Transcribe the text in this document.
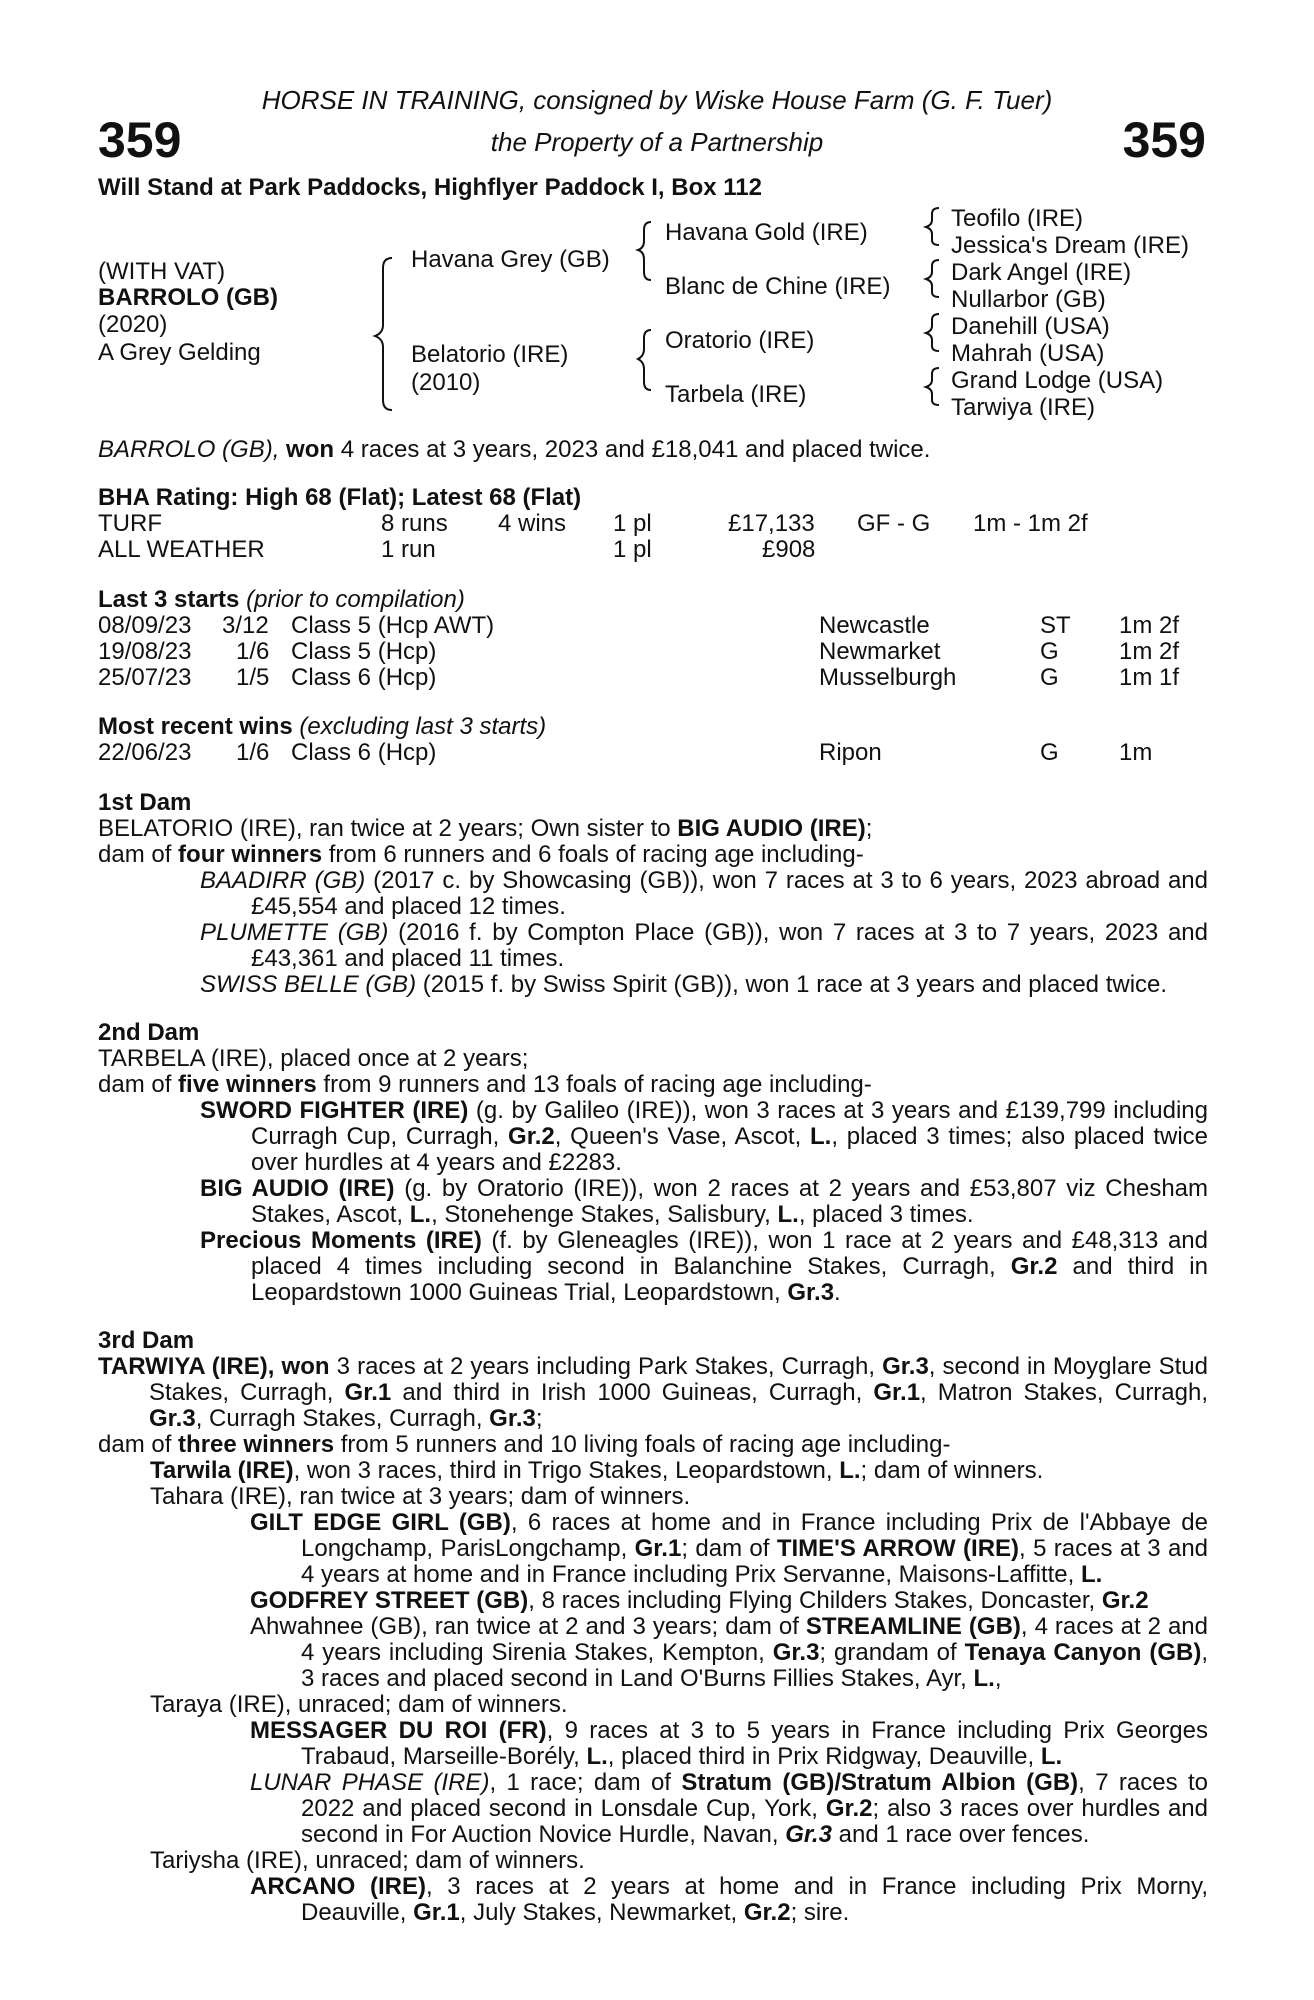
359	359
HORSE IN TRAINING, consigned by Wiske House Farm (G. F. Tuer)
the Property of a Partnership
Will Stand at Park Paddocks, Highflyer Paddock I, Box 112
(WITH VAT)
BARROLO (GB)
(2020)
A Grey Gelding
Havana Grey (GB)
Belatorio (IRE)
(2010)
Havana Gold (IRE)
Blanc de Chine (IRE)
Oratorio (IRE)
Tarbela (IRE)
Teofilo (IRE)
Jessica's Dream (IRE)
Dark Angel (IRE)
Nullarbor (GB)
Danehill (USA)
Mahrah (USA)
Grand Lodge (USA)
Tarwiya (IRE)
BARROLO (GB), won 4 races at 3 years, 2023 and £18,041 and placed twice.
BHA Rating: High 68 (Flat); Latest 68 (Flat)
TURF	8 runs 4 wins 1 pl	£17,133 GF - G 1m - 1m 2f
ALL WEATHER	1 run	1 pl	£908
Last 3 starts (prior to compilation)
08/09/23 3/12 Class 5 (Hcp AWT)	Newcastle	ST 1m 2f
19/08/23 1/6 Class 5 (Hcp)	Newmarket	G	1m 2f
25/07/23 1/5 Class 6 (Hcp)	Musselburgh	G	1m 1f
Most recent wins (excluding last 3 starts)
22/06/23 1/6 Class 6 (Hcp)	Ripon	G	1m
1st Dam
BELATORIO (IRE), ran twice at 2 years; Own sister to BIG AUDIO (IRE);
dam of four winners from 6 runners and 6 foals of racing age including-
BAADIRR (GB) (2017 c. by Showcasing (GB)), won 7 races at 3 to 6 years, 2023 abroad and £45,554 and placed 12 times.
PLUMETTE (GB) (2016 f. by Compton Place (GB)), won 7 races at 3 to 7 years, 2023 and £43,361 and placed 11 times.
SWISS BELLE (GB) (2015 f. by Swiss Spirit (GB)), won 1 race at 3 years and placed twice.
2nd Dam
TARBELA (IRE), placed once at 2 years;
dam of five winners from 9 runners and 13 foals of racing age including-
SWORD FIGHTER (IRE) (g. by Galileo (IRE)), won 3 races at 3 years and £139,799 including Curragh Cup, Curragh, Gr.2, Queen's Vase, Ascot, L., placed 3 times; also placed twice over hurdles at 4 years and £2283.
BIG AUDIO (IRE) (g. by Oratorio (IRE)), won 2 races at 2 years and £53,807 viz Chesham Stakes, Ascot, L., Stonehenge Stakes, Salisbury, L., placed 3 times.
Precious Moments (IRE) (f. by Gleneagles (IRE)), won 1 race at 2 years and £48,313 and placed 4 times including second in Balanchine Stakes, Curragh, Gr.2 and third in Leopardstown 1000 Guineas Trial, Leopardstown, Gr.3.
3rd Dam
TARWIYA (IRE), won 3 races at 2 years including Park Stakes, Curragh, Gr.3, second in Moyglare Stud Stakes, Curragh, Gr.1 and third in Irish 1000 Guineas, Curragh, Gr.1, Matron Stakes, Curragh, Gr.3, Curragh Stakes, Curragh, Gr.3;
dam of three winners from 5 runners and 10 living foals of racing age including-
Tarwila (IRE), won 3 races, third in Trigo Stakes, Leopardstown, L.; dam of winners.
Tahara (IRE), ran twice at 3 years; dam of winners.
GILT EDGE GIRL (GB), 6 races at home and in France including Prix de l'Abbaye de Longchamp, ParisLongchamp, Gr.1; dam of TIME'S ARROW (IRE), 5 races at 3 and 4 years at home and in France including Prix Servanne, Maisons-Laffitte, L.
GODFREY STREET (GB), 8 races including Flying Childers Stakes, Doncaster, Gr.2
Ahwahnee (GB), ran twice at 2 and 3 years; dam of STREAMLINE (GB), 4 races at 2 and 4 years including Sirenia Stakes, Kempton, Gr.3; grandam of Tenaya Canyon (GB), 3 races and placed second in Land O'Burns Fillies Stakes, Ayr, L.,
Taraya (IRE), unraced; dam of winners.
MESSAGER DU ROI (FR), 9 races at 3 to 5 years in France including Prix Georges Trabaud, Marseille-Borély, L., placed third in Prix Ridgway, Deauville, L.
LUNAR PHASE (IRE), 1 race; dam of Stratum (GB)/Stratum Albion (GB), 7 races to 2022 and placed second in Lonsdale Cup, York, Gr.2; also 3 races over hurdles and second in For Auction Novice Hurdle, Navan, Gr.3 and 1 race over fences.
Tariysha (IRE), unraced; dam of winners.
ARCANO (IRE), 3 races at 2 years at home and in France including Prix Morny, Deauville, Gr.1, July Stakes, Newmarket, Gr.2; sire.
